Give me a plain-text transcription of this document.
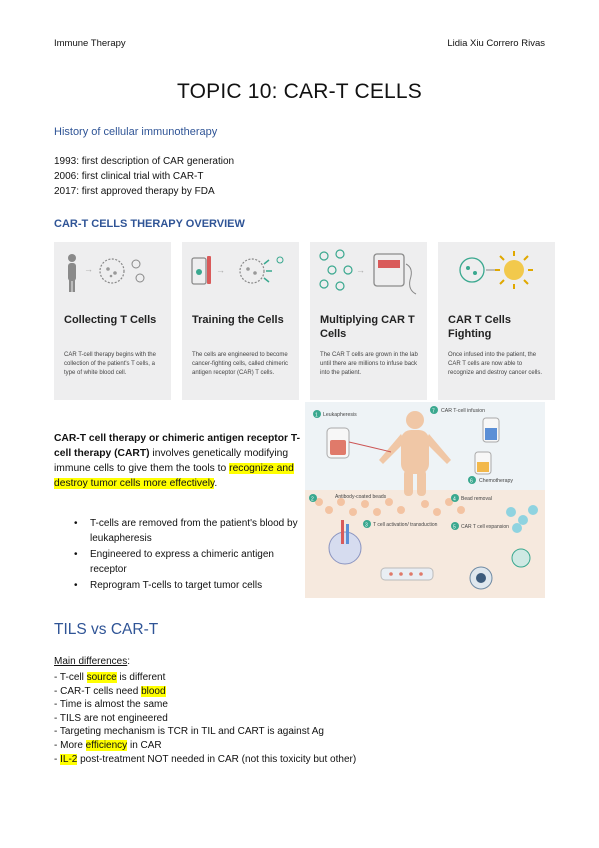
Immune Therapy	Lidia Xiu Correro Rivas
TOPIC 10: CAR-T CELLS
History of cellular immunotherapy
1993: first description of CAR generation
2006: first clinical trial with CAR-T
2017: first approved therapy by FDA
CAR-T CELLS THERAPY OVERVIEW
→
Collecting T Cells
CAR T-cell therapy begins with the collection of the patient's T cells, a type of white blood cell.
→
Training the Cells
The cells are engineered to become cancer-fighting cells, called chimeric antigen receptor (CAR) T cells.
→
Multiplying CAR T Cells
The CAR T cells are grown in the lab until there are millions to infuse back into the patient.
CAR T Cells Fighting
Once infused into the patient, the CAR T cells are now able to recognize and destroy cancer cells.
CAR-T cell therapy or chimeric antigen receptor T-cell therapy (CART) involves genetically modifying immune cells to give them the tools to recognize and destroy tumor cells more effectively.
• T-cells are removed from the patient's blood by leukapheresis
• Engineered to express a chimeric antigen receptor
• Reprogram T-cells to target tumor cells
1 Leukapheresis
7 CAR T-cell infusion
6 Chemotherapy
2	Antibody-coated beads
3 T cell activation/ transduction
4 Bead removal
5 CAR T cell expansion
TILS vs CAR-T
Main differences:
- T-cell source is different
- CAR-T cells need blood
- Time is almost the same
- TILS are not engineered
- Targeting mechanism is TCR in TIL and CART is against Ag
- More efficiency in CAR
- IL-2 post-treatment NOT needed in CAR (not this toxicity but other)
